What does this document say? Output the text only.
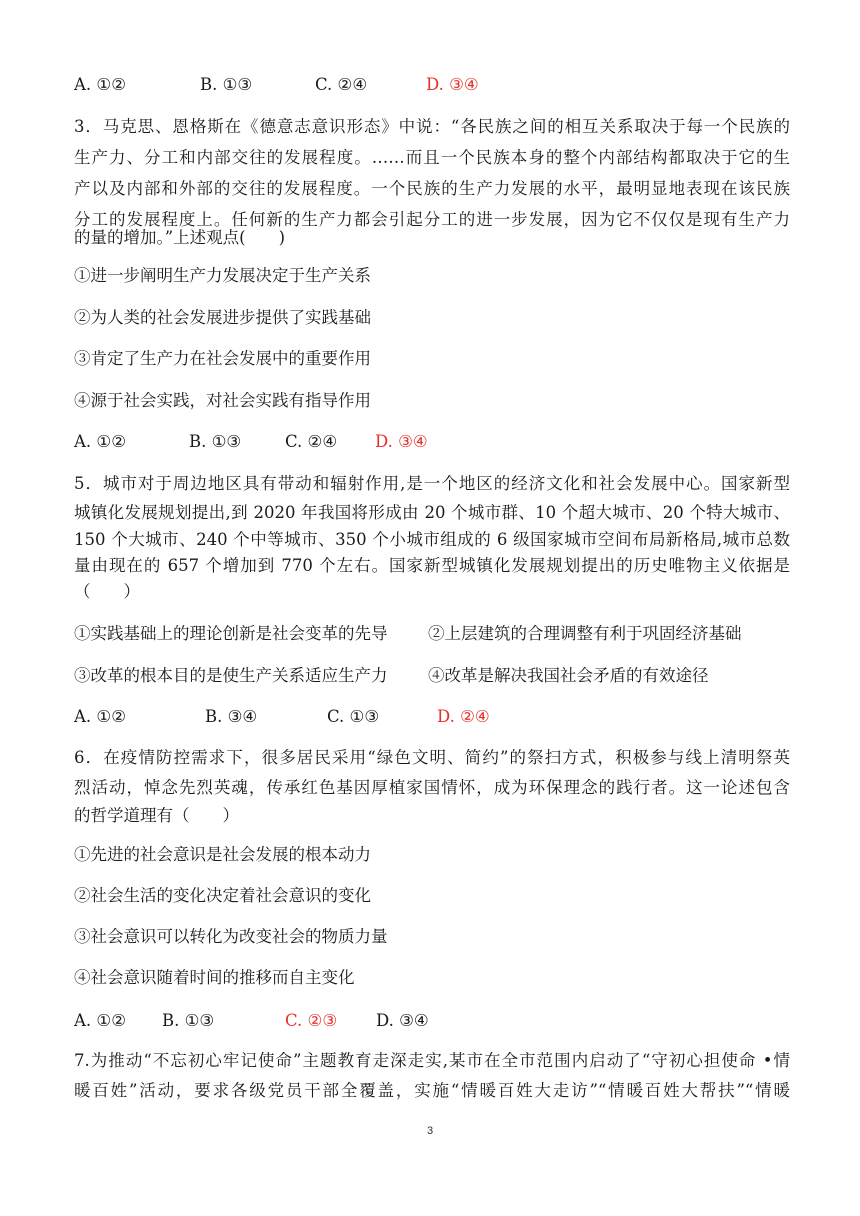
A. ①②	B. ①③	C. ②④	D. ③④
3．马克思、恩格斯在《德意志意识形态》中说：“各民族之间的相互关系取决于每一个民族的
生产力、分工和内部交往的发展程度。……而且一个民族本身的整个内部结构都取决于它的生
产以及内部和外部的交往的发展程度。一个民族的生产力发展的水平，最明显地表现在该民族
分工的发展程度上。任何新的生产力都会引起分工的进一步发展，因为它不仅仅是现有生产力
的量的增加。”上述观点(　　)
①进一步阐明生产力发展决定于生产关系
②为人类的社会发展进步提供了实践基础
③肯定了生产力在社会发展中的重要作用
④源于社会实践，对社会实践有指导作用
A. ①②	B. ①③	C. ②④ D. ③④
5．城市对于周边地区具有带动和辐射作用,是一个地区的经济文化和社会发展中心。国家新型
城镇化发展规划提出,到 2020 年我国将形成由 20 个城市群、10 个超大城市、20 个特大城市、
150 个大城市、240 个中等城市、350 个小城市组成的 6 级国家城市空间布局新格局,城市总数
量由现在的 657 个增加到 770 个左右。国家新型城镇化发展规划提出的历史唯物主义依据是
（　　）
①实践基础上的理论创新是社会变革的先导 ②上层建筑的合理调整有利于巩固经济基础
③改革的根本目的是使生产关系适应生产力 ④改革是解决我国社会矛盾的有效途径
A. ①②	B. ③④	C. ①③	D. ②④
6．在疫情防控需求下，很多居民采用“绿色文明、简约”的祭扫方式，积极参与线上清明祭英
烈活动，悼念先烈英魂，传承红色基因厚植家国情怀，成为环保理念的践行者。这一论述包含
的哲学道理有（　　）
①先进的社会意识是社会发展的根本动力
②社会生活的变化决定着社会意识的变化
③社会意识可以转化为改变社会的物质力量
④社会意识随着时间的推移而自主变化
A. ①② B. ①③	C. ②③ D. ③④
7.为推动“不忘初心牢记使命”主题教育走深走实,某市在全市范围内启动了“守初心担使命 •情
暖百姓”活动，要求各级党员干部全覆盖，实施“情暖百姓大走访”“情暖百姓大帮扶”“情暖
3
